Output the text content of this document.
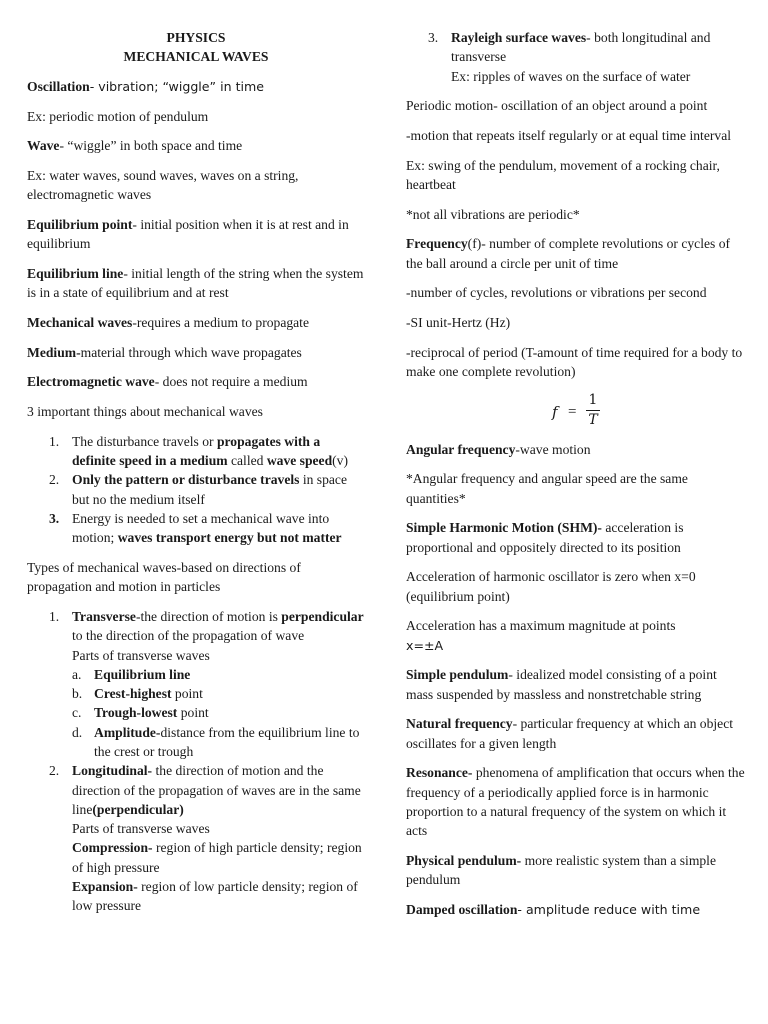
PHYSICS

MECHANICAL WAVES

Oscillation- vibration; “wiggle” in time

Ex: periodic motion of pendulum

Wave- “wiggle” in both space and time

Ex: water waves, sound waves, waves on a string, electromagnetic waves

Equilibrium point- initial position when it is at rest and in equilibrium

Equilibrium line- initial length of the string when the system is in a state of equilibrium and at rest

Mechanical waves-requires a medium to propagate

Medium-material through which wave propagates

Electromagnetic wave- does not require a medium

3 important things about mechanical waves

1. The disturbance travels or propagates with a definite speed in a medium called wave speed(v)
2. Only the pattern or disturbance travels in space but no the medium itself
3. Energy is needed to set a mechanical wave into motion; waves transport energy but not matter

Types of mechanical waves-based on directions of propagation and motion in particles

1. Transverse-the direction of motion is perpendicular to the direction of the propagation of wave
Parts of transverse waves
a. Equilibrium line
b. Crest-highest point
c. Trough-lowest point
d. Amplitude-distance from the equilibrium line to the crest or trough
2. Longitudinal- the direction of motion and the direction of the propagation of waves are in the same line(perpendicular)
Parts of transverse waves
Compression- region of high particle density; region of high pressure
Expansion- region of low particle density; region of low pressure
3. Rayleigh surface waves- both longitudinal and transverse
Ex: ripples of waves on the surface of water

Periodic motion- oscillation of an object around a point

-motion that repeats itself regularly or at equal time interval

Ex: swing of the pendulum, movement of a rocking chair, heartbeat

*not all vibrations are periodic*

Frequency(f)- number of complete revolutions or cycles of the ball around a circle per unit of time

-number of cycles, revolutions or vibrations per second

-SI unit-Hertz (Hz)

-reciprocal of period (T-amount of time required for a body to make one complete revolution)

f =
1
T

Angular frequency-wave motion

*Angular frequency and angular speed are the same quantities*

Simple Harmonic Motion (SHM)- acceleration is proportional and oppositely directed to its position

Acceleration of harmonic oscillator is zero when x=0 (equilibrium point)

Acceleration has a maximum magnitude at points
x=±A

Simple pendulum- idealized model consisting of a point mass suspended by massless and nonstretchable string

Natural frequency- particular frequency at which an object oscillates for a given length

Resonance- phenomena of amplification that occurs when the frequency of a periodically applied force is in harmonic proportion to a natural frequency of the system on which it acts

Physical pendulum- more realistic system than a simple pendulum

Damped oscillation- amplitude reduce with time
